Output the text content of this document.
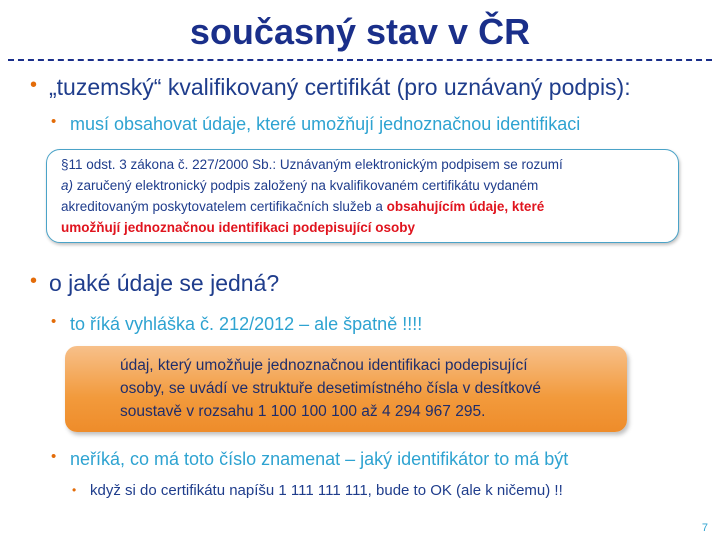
současný stav v ČR
• „tuzemský“ kvalifikovaný certifikát (pro uznávaný podpis):
• musí obsahovat údaje, které umožňují jednoznačnou identifikaci
§11 odst. 3 zákona č. 227/2000 Sb.: Uznávaným elektronickým podpisem se rozumí
a) zaručený elektronický podpis založený na kvalifikovaném certifikátu vydaném
akreditovaným poskytovatelem certifikačních služeb a obsahujícím údaje, které
umožňují jednoznačnou identifikaci podepisující osoby
• o jaké údaje se jedná?
• to říká vyhláška č. 212/2012 – ale špatně !!!!
údaj, který umožňuje jednoznačnou identifikaci podepisující
osoby, se uvádí ve struktuře desetimístného čísla v desítkové
soustavě v rozsahu 1 100 100 100 až 4 294 967 295.
• neříká, co má toto číslo znamenat – jaký identifikátor to má být
• když si do certifikátu napíšu 1 111 111 111, bude to OK (ale k ničemu) !!
7
